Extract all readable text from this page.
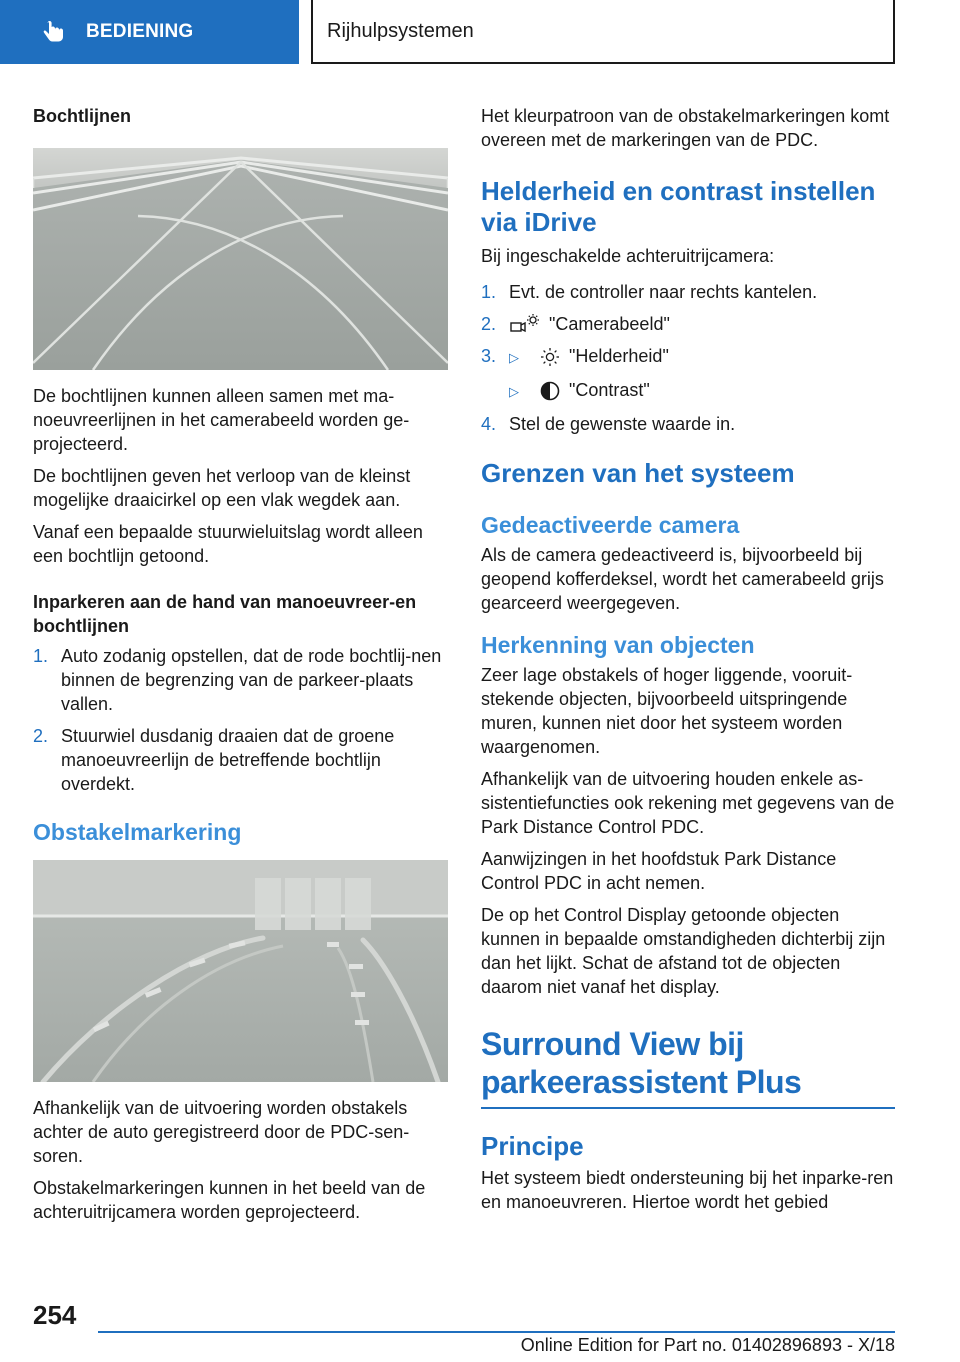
BEDIENING	Rijhulpsystemen
Bochtlijnen
De bochtlijnen kunnen alleen samen met ma-noeuvreerlijnen in het camerabeeld worden ge-projecteerd.
De bochtlijnen geven het verloop van de kleinst mogelijke draaicirkel op een vlak wegdek aan.
Vanaf een bepaalde stuurwieluitslag wordt alleen een bochtlijn getoond.
Inparkeren aan de hand van manoeuvreer-en bochtlijnen
1. Auto zodanig opstellen, dat de rode bochtlij-nen binnen de begrenzing van de parkeer-plaats vallen.
2. Stuurwiel dusdanig draaien dat de groene manoeuvreerlijn de betreffende bochtlijn overdekt.
Obstakelmarkering
Afhankelijk van de uitvoering worden obstakels achter de auto geregistreerd door de PDC-sen-soren.
Obstakelmarkeringen kunnen in het beeld van de achteruitrijcamera worden geprojecteerd.
Het kleurpatroon van de obstakelmarkeringen komt overeen met de markeringen van de PDC.
Helderheid en contrast instellen via iDrive
Bij ingeschakelde achteruitrijcamera:
1. Evt. de controller naar rechts kantelen.
2.	"Camerabeeld"
3. ▷	"Helderheid"
▷	"Contrast"
4. Stel de gewenste waarde in.
Grenzen van het systeem
Gedeactiveerde camera
Als de camera gedeactiveerd is, bijvoorbeeld bij geopend kofferdeksel, wordt het camerabeeld grijs gearceerd weergegeven.
Herkenning van objecten
Zeer lage obstakels of hoger liggende, vooruit-stekende objecten, bijvoorbeeld uitspringende muren, kunnen niet door het systeem worden waargenomen.
Afhankelijk van de uitvoering houden enkele as-sistentiefuncties ook rekening met gegevens van de Park Distance Control PDC.
Aanwijzingen in het hoofdstuk Park Distance Control PDC in acht nemen.
De op het Control Display getoonde objecten kunnen in bepaalde omstandigheden dichterbij zijn dan het lijkt. Schat de afstand tot de objecten daarom niet vanaf het display.
Surround View bij parkeerassistent Plus
Principe
Het systeem biedt ondersteuning bij het inparke-ren en manoeuvreren. Hiertoe wordt het gebied
254
Online Edition for Part no. 01402896893 - X/18
